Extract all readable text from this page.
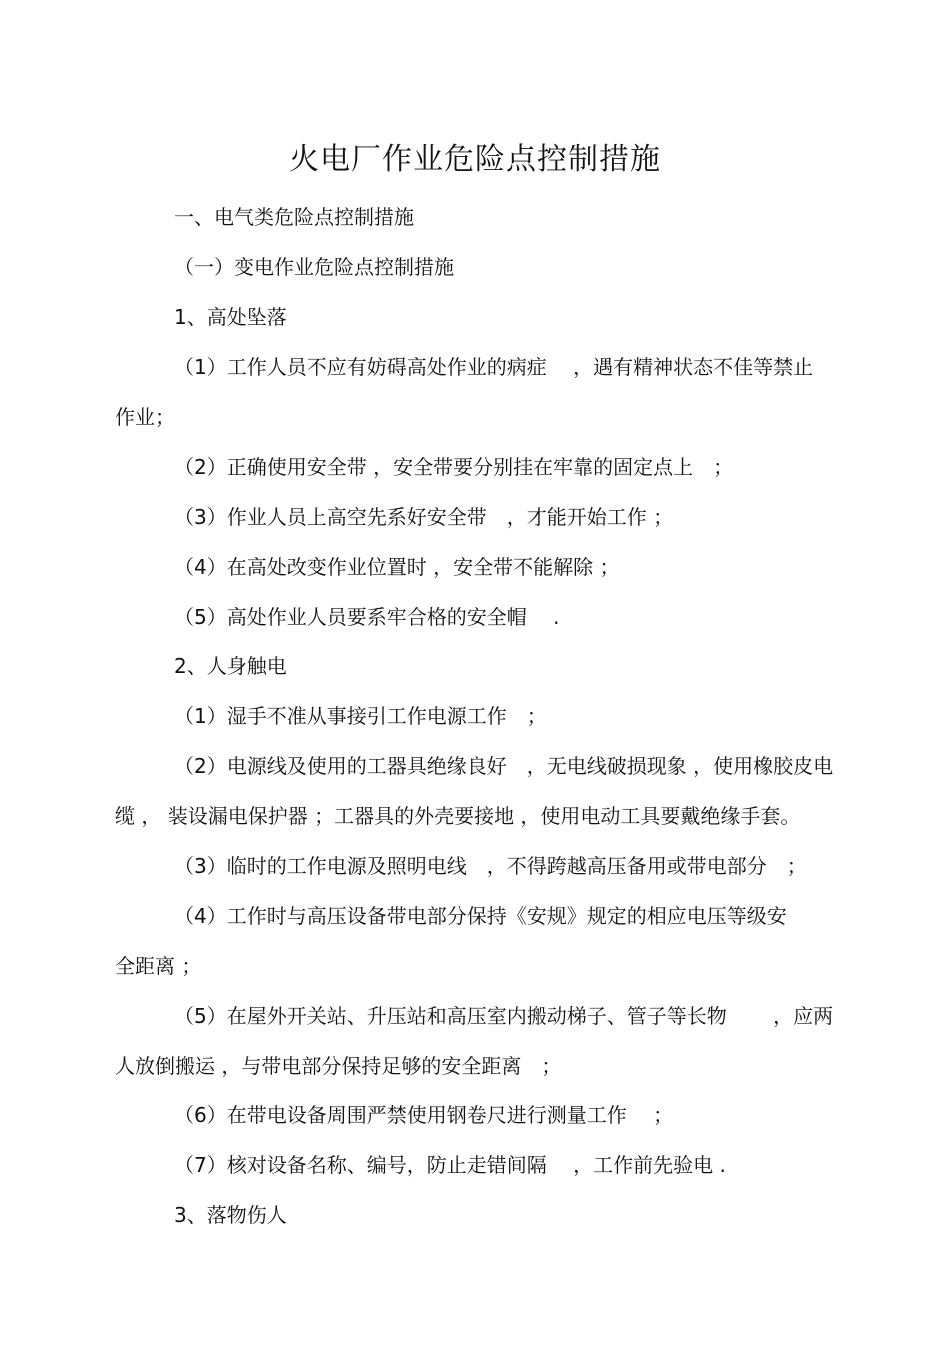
火电厂作业危险点控制措施
一、电气类危险点控制措施
（一）变电作业危险点控制措施
1、高处坠落
（1）工作人员不应有妨碍高处作业的病症　 ，遇有精神状态不佳等禁止
作业；
（2）正确使用安全带 ，安全带要分别挂在牢靠的固定点上　；
（3）作业人员上高空先系好安全带　，才能开始工作 ；
（4）在高处改变作业位置时 ，安全带不能解除 ；
（5）高处作业人员要系牢合格的安全帽　 .
2、人身触电
（1）湿手不准从事接引工作电源工作　；
（2）电源线及使用的工器具绝缘良好　，无电线破损现象 ，使用橡胶皮电
缆 ， 装设漏电保护器 ；工器具的外壳要接地 ，使用电动工具要戴绝缘手套。
（3）临时的工作电源及照明电线　，不得跨越高压备用或带电部分　；
（4）工作时与高压设备带电部分保持《安规》规定的相应电压等级安
全距离 ；
（5）在屋外开关站、升压站和高压室内搬动梯子、管子等长物　　 ，应两
人放倒搬运 ，与带电部分保持足够的安全距离　；
（6）在带电设备周围严禁使用钢卷尺进行测量工作　 ；
（7）核对设备名称、编号，防止走错间隔　 ，工作前先验电 .
3、落物伤人
